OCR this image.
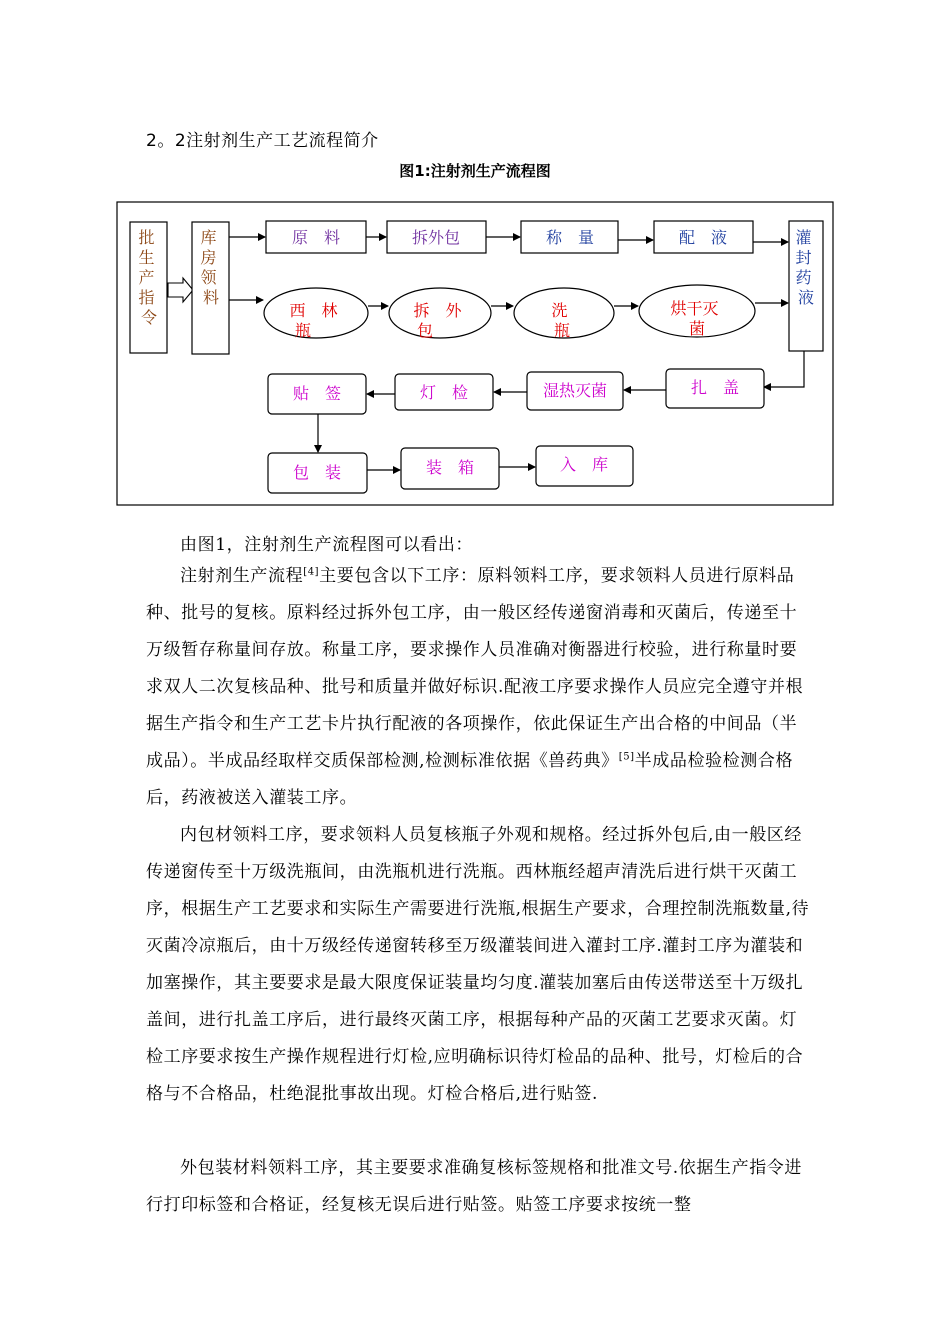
2。2注射剂生产工艺流程简介
图1:注射剂生产流程图
批 生 产 指 令
库 房 领 料
原　料	拆外包	称　量	配　液	灌 封 药 液
西　林 瓶
拆　外 包
洗 瓶
烘干灭 菌
贴　签	灯　检	湿热灭菌	扎　盖
包　装	装　箱	入　库

由图1，注射剂生产流程图可以看出：

注射剂生产流程[4]主要包含以下工序：原料领料工序，要求领料人员进行原料品种、批号的复核。原料经过拆外包工序，由一般区经传递窗消毒和灭菌后，传递至十万级暂存称量间存放。称量工序，要求操作人员准确对衡器进行校验，进行称量时要求双人二次复核品种、批号和质量并做好标识.配液工序要求操作人员应完全遵守并根据生产指令和生产工艺卡片执行配液的各项操作，依此保证生产出合格的中间品（半成品）。半成品经取样交质保部检测,检测标准依据《兽药典》[5]半成品检验检测合格后，药液被送入灌装工序。

内包材领料工序，要求领料人员复核瓶子外观和规格。经过拆外包后,由一般区经传递窗传至十万级洗瓶间，由洗瓶机进行洗瓶。西林瓶经超声清洗后进行烘干灭菌工序，根据生产工艺要求和实际生产需要进行洗瓶,根据生产要求，合理控制洗瓶数量,待灭菌冷凉瓶后，由十万级经传递窗转移至万级灌装间进入灌封工序.灌封工序为灌装和加塞操作，其主要要求是最大限度保证装量均匀度.灌装加塞后由传送带送至十万级扎盖间，进行扎盖工序后，进行最终灭菌工序，根据每种产品的灭菌工艺要求灭菌。灯检工序要求按生产操作规程进行灯检,应明确标识待灯检品的品种、批号，灯检后的合格与不合格品，杜绝混批事故出现。灯检合格后,进行贴签.

外包装材料领料工序，其主要要求准确复核标签规格和批准文号.依据生产指令进行打印标签和合格证，经复核无误后进行贴签。贴签工序要求按统一整
